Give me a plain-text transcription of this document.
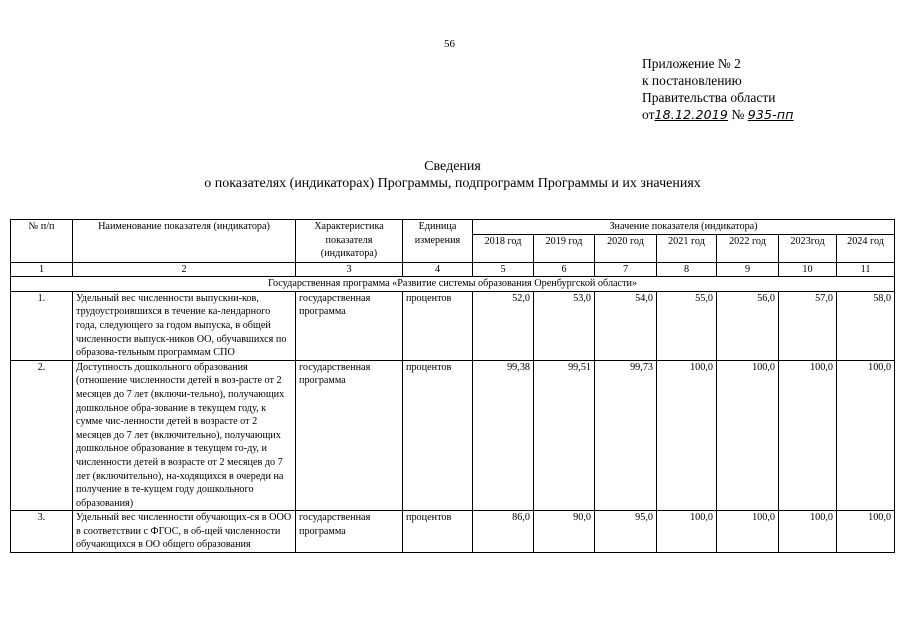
56
Приложение № 2
к постановлению
Правительства области
от18.12.2019 № 935-пп
Сведения
о показателях (индикаторах) Программы, подпрограмм Программы и их значениях
№ п/п	Наименование показателя (индикатора)	Характеристика показателя (индикатора)	Единица измерения	Значение показателя (индикатора)						
				2018 год	2019 год	2020 год	2021 год	2022 год	2023год	2024 год
1	2	3	4	5	6	7	8	9	10	11
Государственная программа «Развитие системы образования Оренбургской области»										
1.	Удельный вес численности выпускни-ков, трудоустроившихся в течение ка-лендарного года, следующего за годом выпуска, в общей численности выпуск-ников ОО, обучавшихся по образова-тельным программам СПО	государственная программа	процентов	52,0	53,0	54,0	55,0	56,0	57,0	58,0
2.	Доступность дошкольного образования (отношение численности детей в воз-расте от 2 месяцев до 7 лет (включи-тельно), получающих дошкольное обра-зование в текущем году, к сумме чис-ленности детей в возрасте от 2 месяцев до 7 лет (включительно), получающих дошкольное образование в текущем го-ду, и численности детей в возрасте от 2 месяцев до 7 лет (включительно), на-ходящихся в очереди на получение в те-кущем году дошкольного образования)	государственная программа	процентов	99,38	99,51	99,73	100,0	100,0	100,0	100,0
3.	Удельный вес численности обучающих-ся в ООО в соответствии с ФГОС, в об-щей численности обучающихся в ОО общего образования	государственная программа	процентов	86,0	90,0	95,0	100,0	100,0	100,0	100,0
